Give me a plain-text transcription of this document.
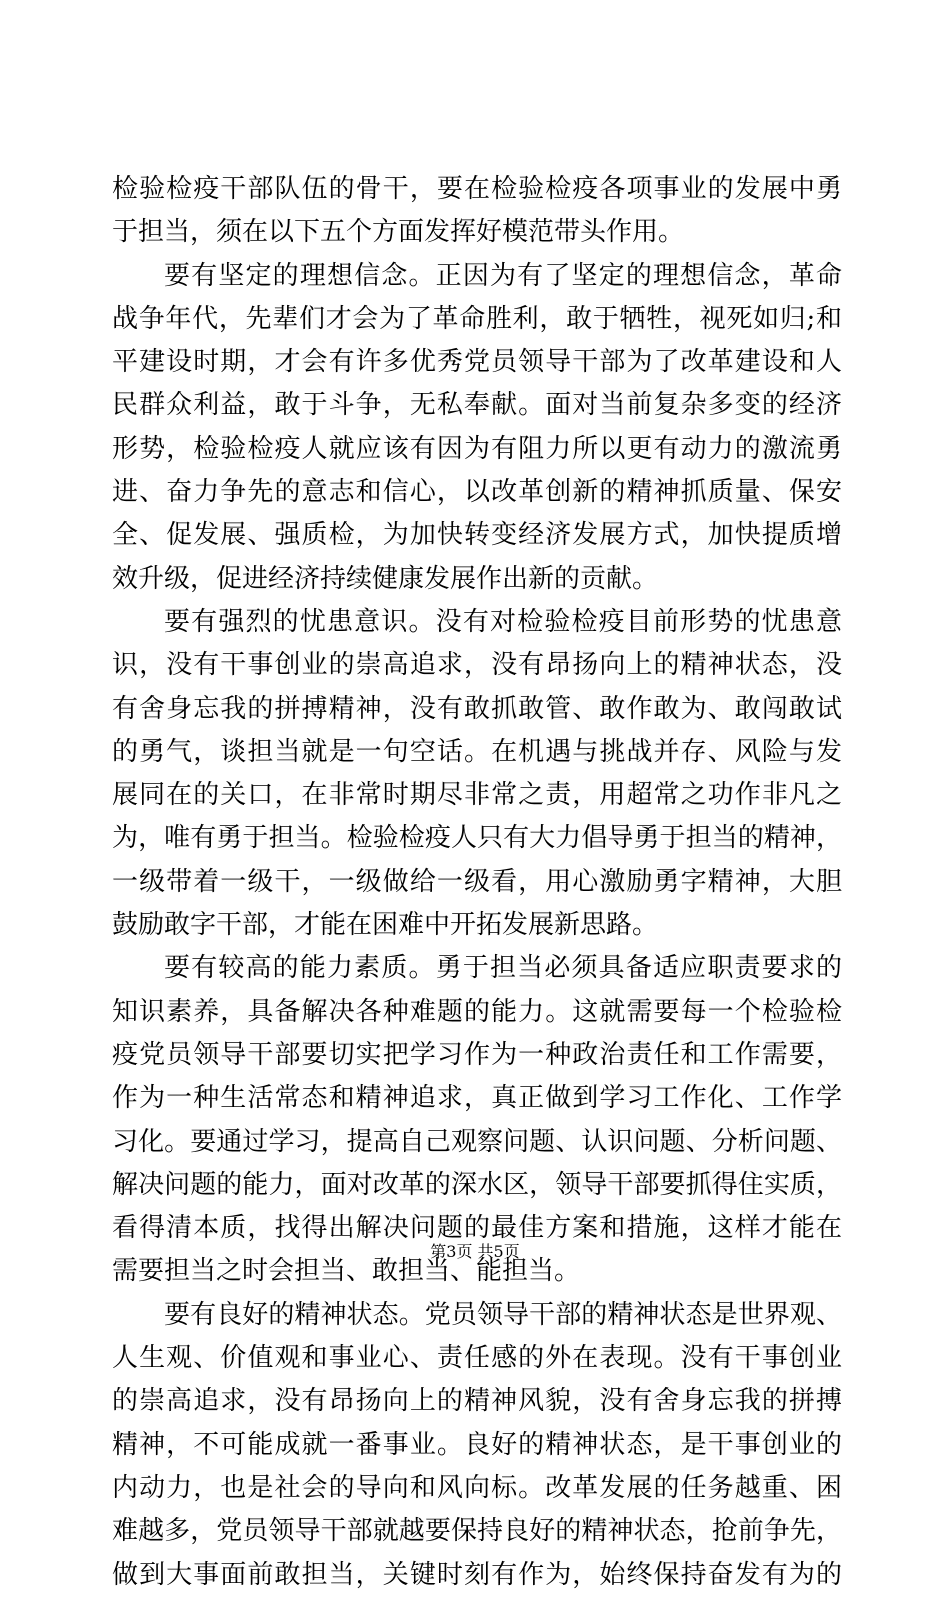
检验检疫干部队伍的骨干，要在检验检疫各项事业的发展中勇
于担当，须在以下五个方面发挥好模范带头作用。
要有坚定的理想信念。正因为有了坚定的理想信念，革命
战争年代，先辈们才会为了革命胜利，敢于牺牲，视死如归;和
平建设时期，才会有许多优秀党员领导干部为了改革建设和人
民群众利益，敢于斗争，无私奉献。面对当前复杂多变的经济
形势，检验检疫人就应该有因为有阻力所以更有动力的激流勇
进、奋力争先的意志和信心，以改革创新的精神抓质量、保安
全、促发展、强质检，为加快转变经济发展方式，加快提质增
效升级，促进经济持续健康发展作出新的贡献。
要有强烈的忧患意识。没有对检验检疫目前形势的忧患意
识，没有干事创业的崇高追求，没有昂扬向上的精神状态，没
有舍身忘我的拼搏精神，没有敢抓敢管、敢作敢为、敢闯敢试
的勇气，谈担当就是一句空话。在机遇与挑战并存、风险与发
展同在的关口，在非常时期尽非常之责，用超常之功作非凡之
为，唯有勇于担当。检验检疫人只有大力倡导勇于担当的精神，
一级带着一级干，一级做给一级看，用心激励勇字精神，大胆
鼓励敢字干部，才能在困难中开拓发展新思路。
要有较高的能力素质。勇于担当必须具备适应职责要求的
知识素养，具备解决各种难题的能力。这就需要每一个检验检
疫党员领导干部要切实把学习作为一种政治责任和工作需要，
作为一种生活常态和精神追求，真正做到学习工作化、工作学
习化。要通过学习，提高自己观察问题、认识问题、分析问题、
解决问题的能力，面对改革的深水区，领导干部要抓得住实质，
看得清本质，找得出解决问题的最佳方案和措施，这样才能在
需要担当之时会担当、敢担当、能担当。
要有良好的精神状态。党员领导干部的精神状态是世界观、
人生观、价值观和事业心、责任感的外在表现。没有干事创业
的崇高追求，没有昂扬向上的精神风貌，没有舍身忘我的拼搏
精神，不可能成就一番事业。良好的精神状态，是干事创业的
内动力，也是社会的导向和风向标。改革发展的任务越重、困
难越多，党员领导干部就越要保持良好的精神状态，抢前争先，
做到大事面前敢担当，关键时刻有作为，始终保持奋发有为的
第3页 共5页
